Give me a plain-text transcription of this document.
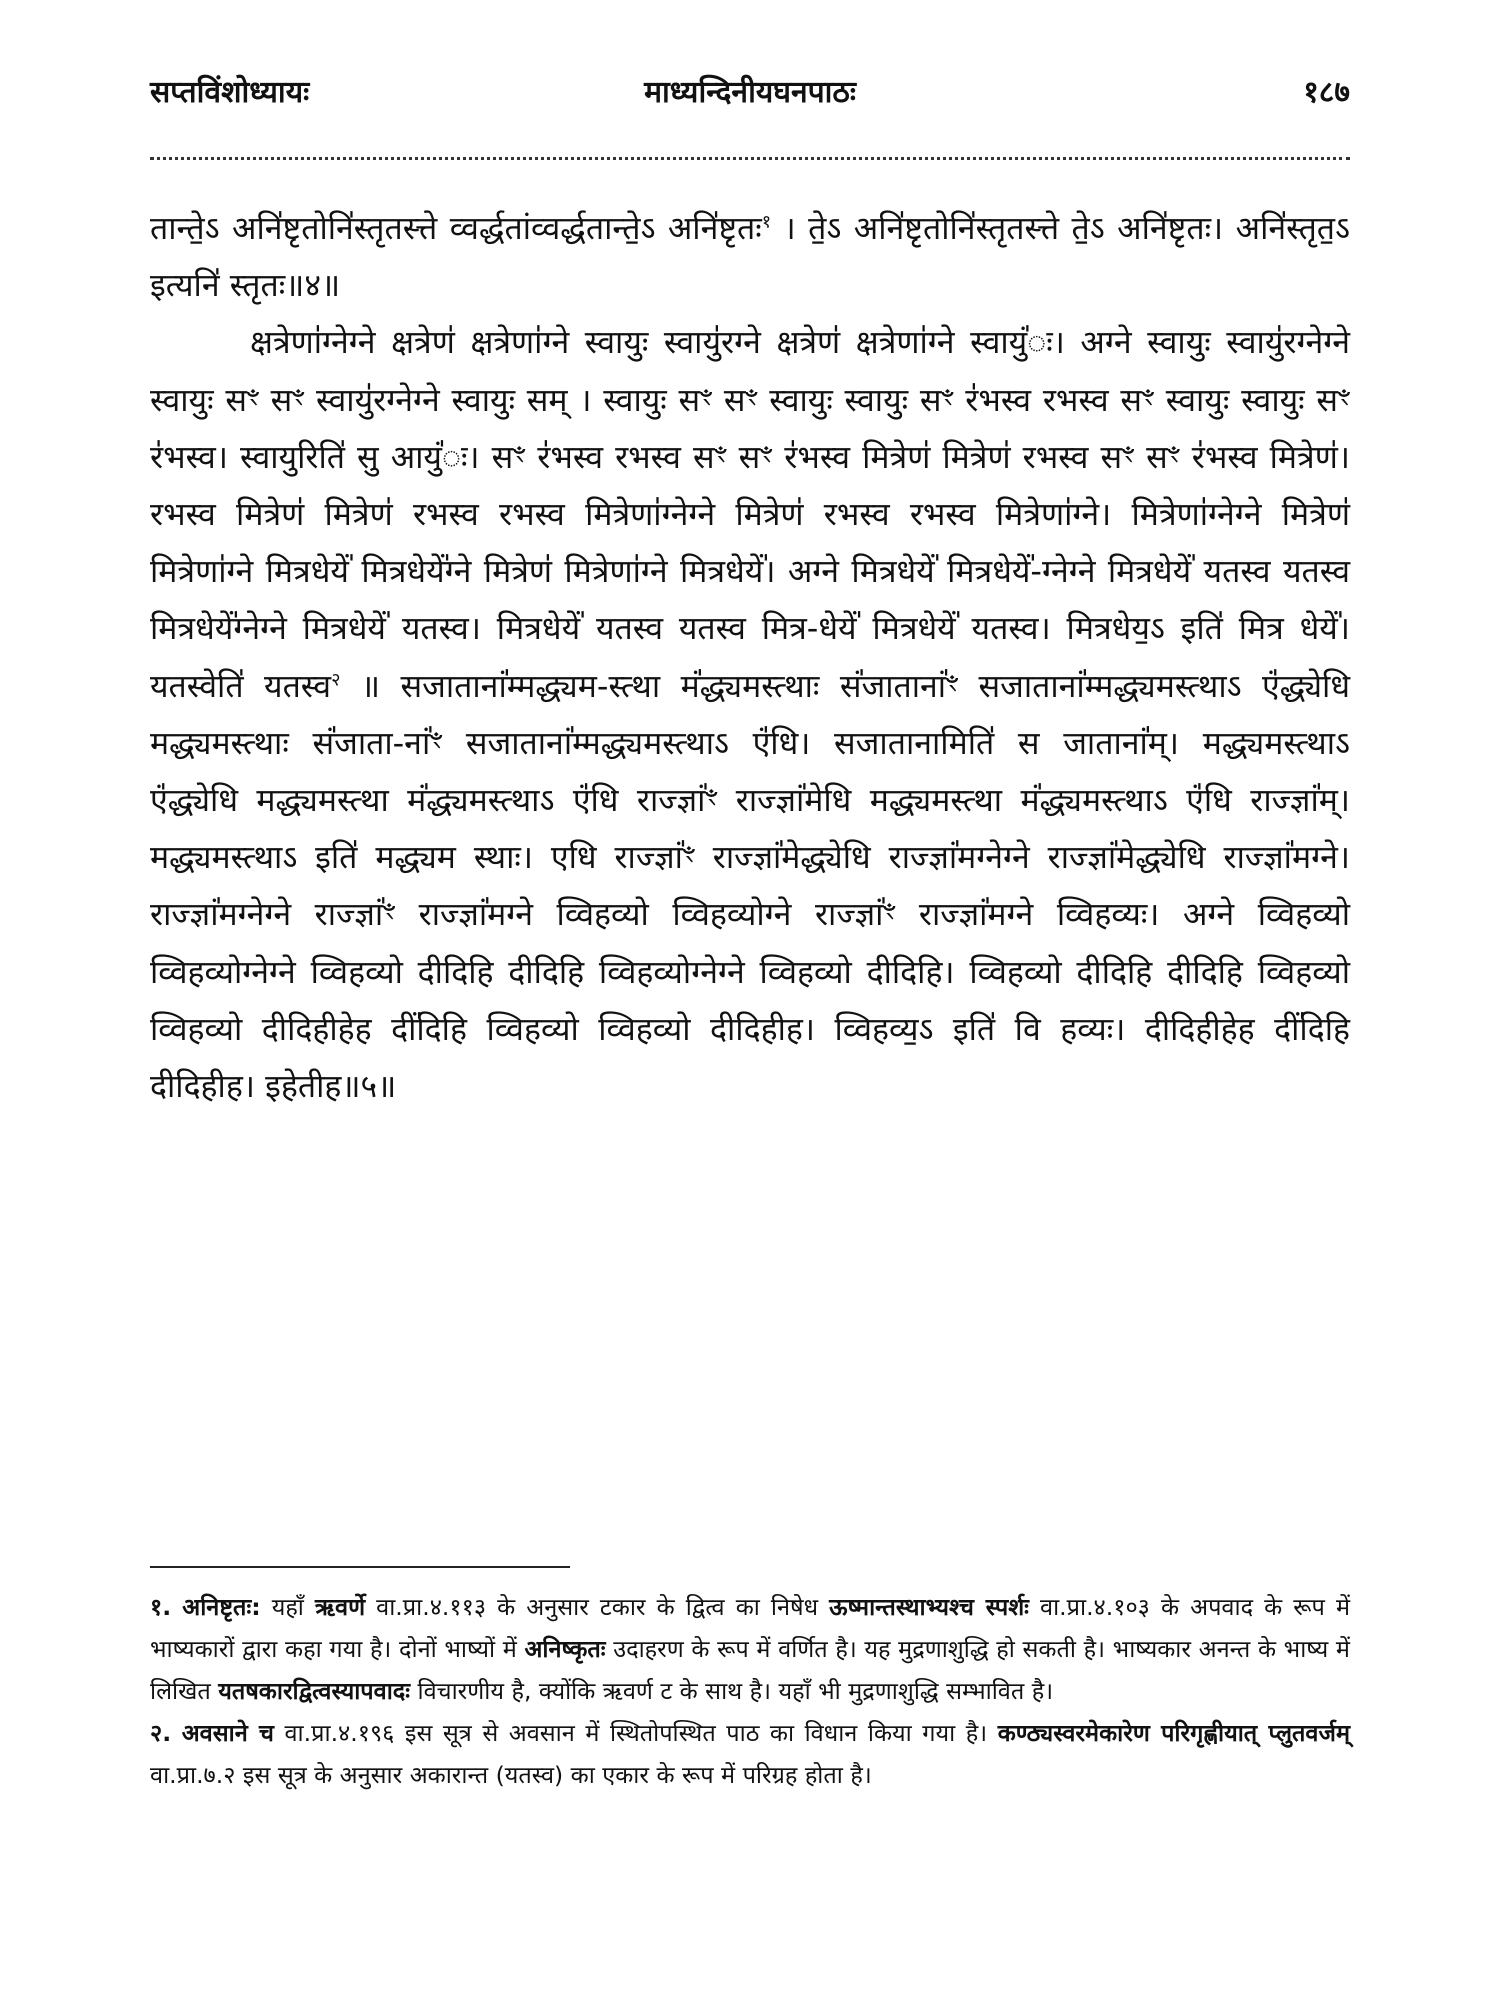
सप्तविंशोध्यायः	माध्यन्दिनीयघनपाठः	१८७

तान्ते॒ऽ अनि॑ष्टृतोनि॑स्तृतस्त्ते व्वर्द्धतांव्वर्द्धतान्ते॒ऽ अनि॑ष्टृतः$^१$ । ते॒ऽ अनि॑ष्टृतोनि॑स्तृतस्त्ते ते॒ऽ अनि॑ष्टृतः। अनि॑स्तृत॒ऽ इत्यनि॑ स्तृतः॥४॥

क्षत्रेणा॑ग्नेग्ने क्षत्रेण॑ क्षत्रेणा॑ग्ने स्वायुः स्वायु॑रग्ने क्षत्रेण॑ क्षत्रेणा॑ग्ने स्वायुं॑ः। अग्ने स्वायुः स्वायु॑रग्नेग्ने स्वायुः सꣳ सꣳ स्वायु॑रग्नेग्ने स्वायुः सम् । स्वायुः सꣳ सꣳ स्वायुः स्वायुः सꣳ र॑भस्व रभस्व सꣳ स्वायुः स्वायुः सꣳ र॑भस्व। स्वायुरिति॑ सु आयुं॑ः। सꣳ र॑भस्व रभस्व सꣳ सꣳ र॑भस्व मित्रेण॑ मित्रेण॑ रभस्व सꣳ सꣳ र॑भस्व मित्रेण॑। रभस्व मित्रेण॑ मित्रेण॑ रभस्व रभस्व मित्रेणा॑ग्नेग्ने मित्रेण॑ रभस्व रभस्व मित्रेणा॑ग्ने। मित्रेणा॑ग्नेग्ने मित्रेण॑ मित्रेणा॑ग्ने मित्रधेयें॑ मित्रधेयें॑ग्ने मित्रेण॑ मित्रेणा॑ग्ने मित्रधेयें॑। अग्ने मित्रधेयें॑ मित्रधेयें॑-ग्नेग्ने मित्रधेयें॑ यतस्व यतस्व मित्रधेयें॑ग्नेग्ने मित्रधेयें॑ यतस्व। मित्रधेयें॑ यतस्व यतस्व मित्र-धेयें॑ मित्रधेयें॑ यतस्व। मित्रधेय॒ऽ इति॑ मित्र धेयें॑। यतस्वेति॑ यतस्व$^२$ ॥ सजातानां॑म्मद्ध्यम-स्त्था मं॑द्ध्यमस्त्थाः सं॑जातानां॑ꣳ सजातानां॑म्मद्ध्यमस्त्थाऽ एं॑द्ध्येधि मद्ध्यमस्त्थाः सं॑जाता-नां॑ꣳ सजातानां॑म्मद्ध्यमस्त्थाऽ एं॑धि। सजातानामिति॑ स जातानां॑म्। मद्ध्यमस्त्थाऽ एं॑द्ध्येधि मद्ध्यमस्त्था मं॑द्ध्यमस्त्थाऽ एं॑धि राज्ज्ञां॑ꣳ राज्ज्ञां॑मेधि मद्ध्यमस्त्था मं॑द्ध्यमस्त्थाऽ एं॑धि राज्ज्ञां॑म्। मद्ध्यमस्त्थाऽ इति॑ मद्ध्यम स्थाः। एधि राज्ज्ञां॑ꣳ राज्ज्ञां॑मेद्ध्येधि राज्ज्ञां॑मग्नेग्ने राज्ज्ञां॑मेद्ध्येधि राज्ज्ञां॑मग्ने। राज्ज्ञां॑मग्नेग्ने राज्ज्ञां॑ꣳ राज्ज्ञां॑मग्ने व्विहव्यो व्विहव्योग्ने राज्ज्ञां॑ꣳ राज्ज्ञां॑मग्ने व्विहव्यः। अग्ने व्विहव्यो व्विहव्योग्नेग्ने व्विहव्यो दीदिहि दीदिहि व्विहव्योग्नेग्ने व्विहव्यो दीदिहि। व्विहव्यो दीदिहि दीदिहि व्विहव्यो व्विहव्यो दीदिहीहेह दीं॑दिहि व्विहव्यो व्विहव्यो दीदिहीह। व्विहव्य॒ऽ इति॑ वि हव्यः। दीदिहीहेह दीं॑दिहि दीदिहीह। इहेतीह॥५॥

१. अनिष्टृतः: यहाँ ऋवर्णे वा.प्रा.४.११३ के अनुसार टकार के द्वित्व का निषेध ऊष्मान्तस्थाभ्यश्च स्पर्शः वा.प्रा.४.१०३ के अपवाद के रूप में भाष्यकारों द्वारा कहा गया है। दोनों भाष्यों में अनिष्कृतः उदाहरण के रूप में वर्णित है। यह मुद्रणाशुद्धि हो सकती है। भाष्यकार अनन्त के भाष्य में लिखित यतषकारद्वित्वस्यापवादः विचारणीय है, क्योंकि ऋवर्ण ट के साथ है। यहाँ भी मुद्रणाशुद्धि सम्भावित है।

२. अवसाने च वा.प्रा.४.१९६ इस सूत्र से अवसान में स्थितोपस्थित पाठ का विधान किया गया है। कण्ठ्यस्वरमेकारेण परिगृह्णीयात् प्लुतवर्जम् वा.प्रा.७.२ इस सूत्र के अनुसार अकारान्त (यतस्व) का एकार के रूप में परिग्रह होता है।
